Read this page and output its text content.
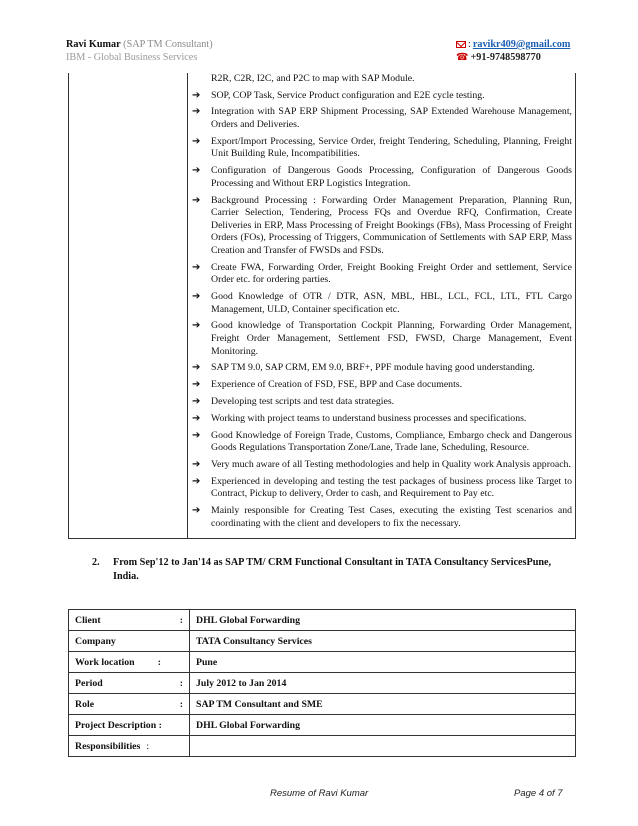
Ravi Kumar (SAP TM Consultant)	: ravikr409@gmail.com
IBM - Global Business Services	☎ +91-9748598770
R2R, C2R, I2C, and P2C to map with SAP Module.
➔	SOP, COP Task, Service Product configuration and E2E cycle testing.
➔	Integration with SAP ERP Shipment Processing, SAP Extended Warehouse Management, Orders and Deliveries.
➔	Export/Import Processing, Service Order, freight Tendering, Scheduling, Planning, Freight Unit Building Rule, Incompatibilities.
➔	Configuration of Dangerous Goods Processing, Configuration of Dangerous Goods Processing and Without ERP Logistics Integration.
➔	Background Processing : Forwarding Order Management Preparation, Planning Run, Carrier Selection, Tendering, Process FQs and Overdue RFQ, Confirmation, Create Deliveries in ERP, Mass Processing of Freight Bookings (FBs), Mass Processing of Freight Orders (FOs), Processing of Triggers, Communication of Settlements with SAP ERP, Mass Creation and Transfer of FWSDs and FSDs.
➔	Create FWA, Forwarding Order, Freight Booking Freight Order and settlement, Service Order etc. for ordering parties.
➔	Good Knowledge of OTR / DTR, ASN, MBL, HBL, LCL, FCL, LTL, FTL Cargo Management, ULD, Container specification etc.
➔	Good knowledge of Transportation Cockpit Planning, Forwarding Order Management, Freight Order Management, Settlement FSD, FWSD, Charge Management, Event Monitoring.
➔	SAP TM 9.0, SAP CRM, EM 9.0, BRF+, PPF module having good understanding.
➔	Experience of Creation of FSD, FSE, BPP and Case documents.
➔	Developing test scripts and test data strategies.
➔	Working with project teams to understand business processes and specifications.
➔	Good Knowledge of Foreign Trade, Customs, Compliance, Embargo check and Dangerous Goods Regulations Transportation Zone/Lane, Trade lane, Scheduling, Resource.
➔	Very much aware of all Testing methodologies and help in Quality work Analysis approach.
➔	Experienced in developing and testing the test packages of business process like Target to Contract, Pickup to delivery, Order to cash, and Requirement to Pay etc.
➔	Mainly responsible for Creating Test Cases, executing the existing Test scenarios and coordinating with the client and developers to fix the necessary.
2.	From Sep'12 to Jan'14 as SAP TM/ CRM Functional Consultant in TATA Consultancy ServicesPune, India.
Client :	DHL Global Forwarding
Company	TATA Consultancy Services
Work location :	Pune
Period :	July 2012 to Jan 2014
Role :	SAP TM Consultant and SME
Project Description :	DHL Global Forwarding
Responsibilities :	
Resume of Ravi Kumar	Page 4 of 7
